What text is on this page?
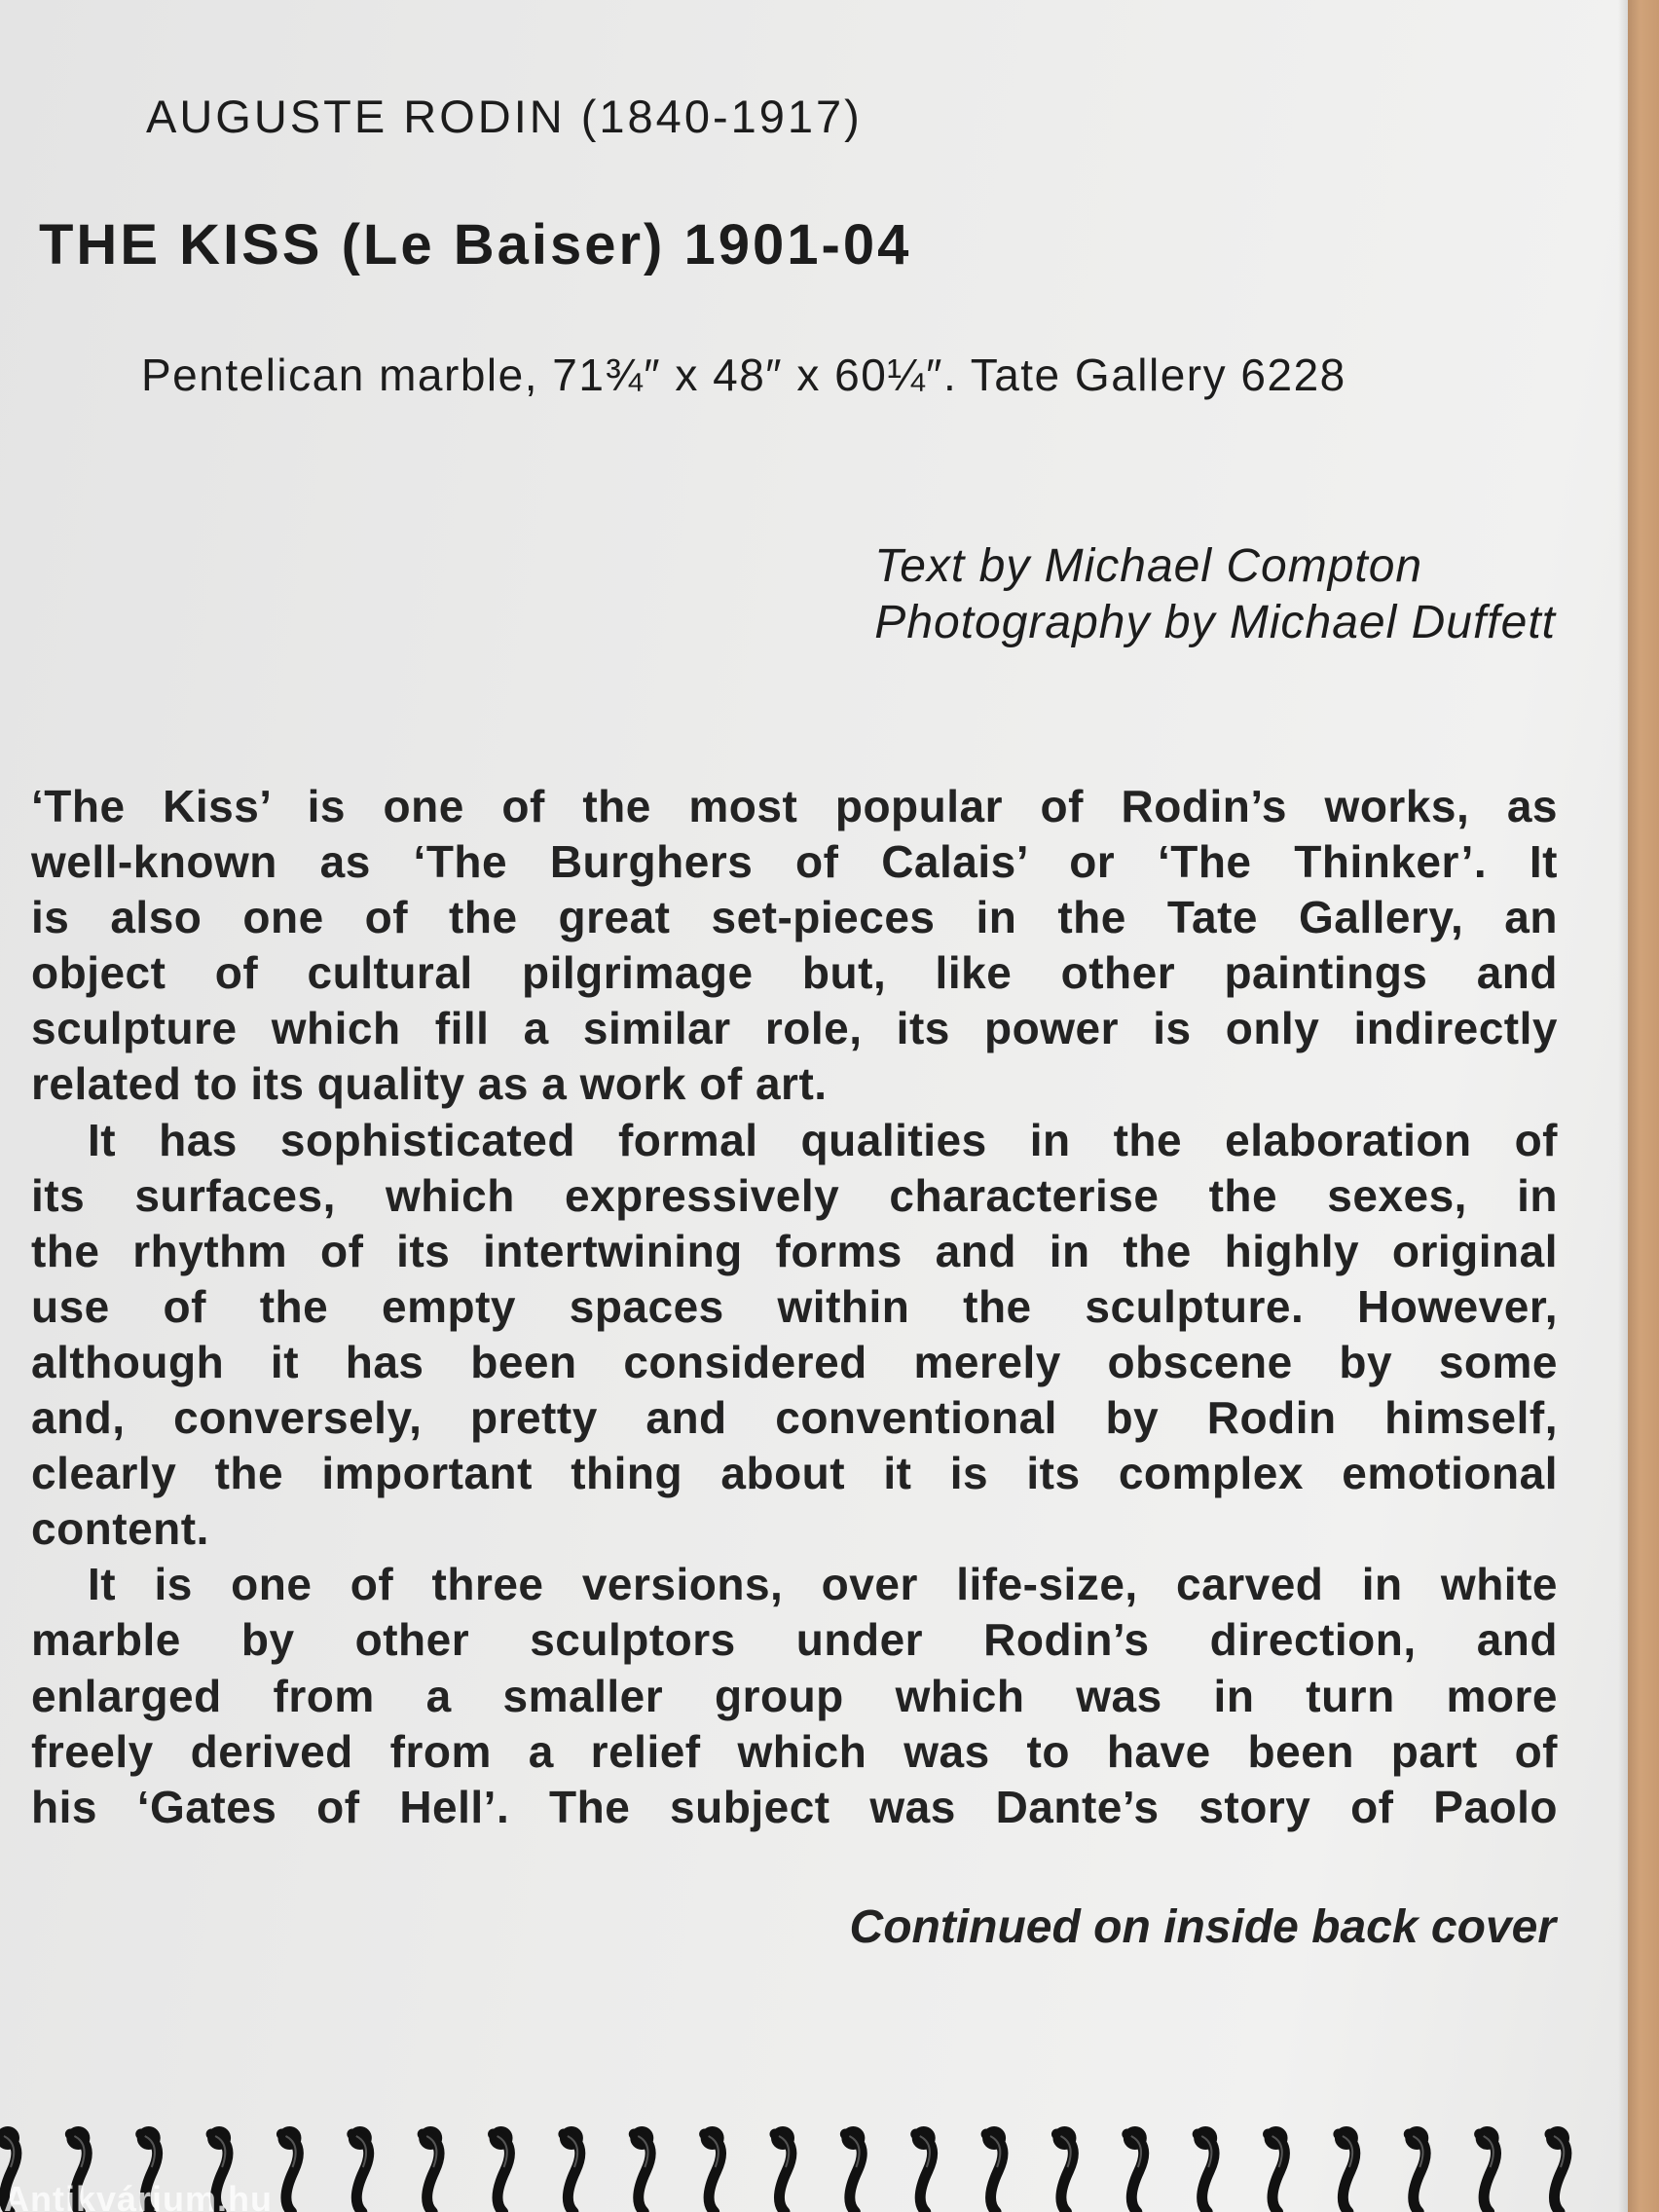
AUGUSTE RODIN (1840-1917)
THE KISS (Le Baiser) 1901-04
Pentelican marble, 71¾″ x 48″ x 60¼″. Tate Gallery 6228
Text by Michael Compton
Photography by Michael Duffett
‘The Kiss’ is one of the most popular of Rodin’s works, as
well-known as ‘The Burghers of Calais’ or ‘The Thinker’. It
is also one of the great set-pieces in the Tate Gallery, an
object of cultural pilgrimage but, like other paintings and
sculpture which fill a similar role, its power is only indirectly
related to its quality as a work of art.
It has sophisticated formal qualities in the elaboration of
its surfaces, which expressively characterise the sexes, in
the rhythm of its intertwining forms and in the highly original
use of the empty spaces within the sculpture. However,
although it has been considered merely obscene by some
and, conversely, pretty and conventional by Rodin himself,
clearly the important thing about it is its complex emotional
content.
It is one of three versions, over life-size, carved in white
marble by other sculptors under Rodin’s direction, and
enlarged from a smaller group which was in turn more
freely derived from a relief which was to have been part of
his ‘Gates of Hell’. The subject was Dante’s story of Paolo
Continued on inside back cover
Antikvárium.hu
